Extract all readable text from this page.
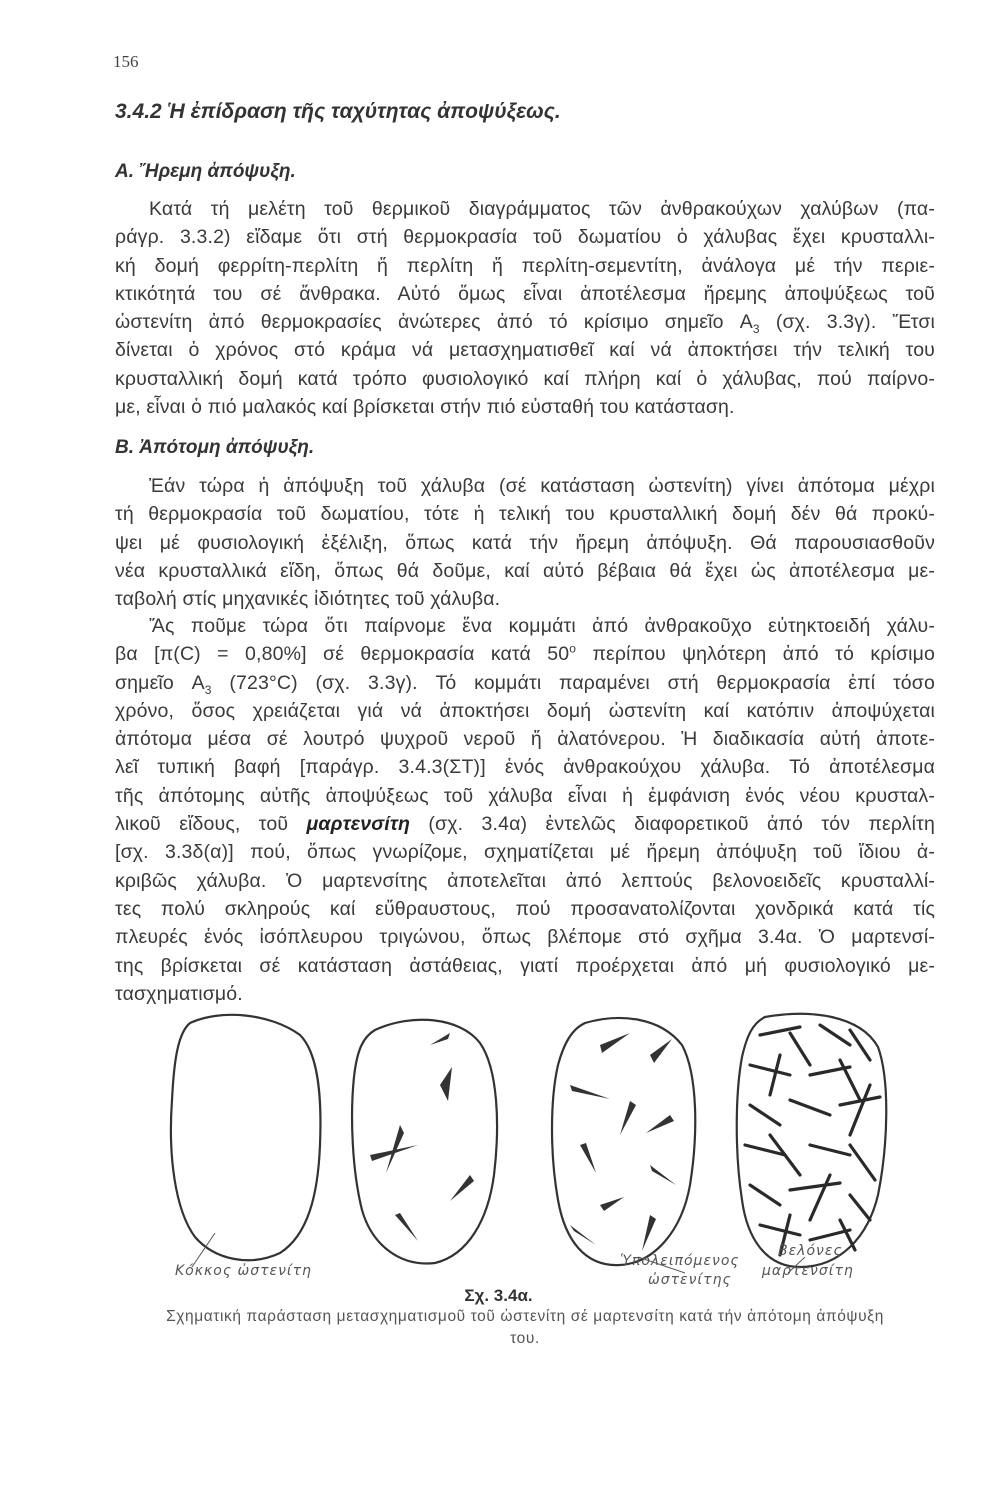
156
3.4.2 Ἡ ἐπίδραση τῆς ταχύτητας ἀποψύξεως.
Α. Ἤρεμη ἀπόψυξη.
Κατά τή μελέτη τοῦ θερμικοῦ διαγράμματος τῶν ἀνθρακούχων χαλύβων (πα-
ράγρ. 3.3.2) εἴδαμε ὅτι στή θερμοκρασία τοῦ δωματίου ὁ χάλυβας ἔχει κρυσταλλι-
κή δομή φερρίτη-περλίτη ἤ περλίτη ἤ περλίτη-σεμεντίτη, ἀνάλογα μέ τήν περιε-
κτικότητά του σέ ἄνθρακα. Αὐτό ὅμως εἶναι ἀποτέλεσμα ἤρεμης ἀποψύξεως τοῦ
ὠστενίτη ἀπό θερμοκρασίες ἀνώτερες ἀπό τό κρίσιμο σημεῖο $A_3$ (σχ. 3.3γ). Ἔτσι
δίνεται ὁ χρόνος στό κράμα νά μετασχηματισθεῖ καί νά ἀποκτήσει τήν τελική του
κρυσταλλική δομή κατά τρόπο φυσιολογικό καί πλήρη καί ὁ χάλυβας, πού παίρνο-
με, εἶναι ὁ πιό μαλακός καί βρίσκεται στήν πιό εὐσταθή του κατάσταση.
Β. Ἀπότομη ἀπόψυξη.
Ἐάν τώρα ἡ ἀπόψυξη τοῦ χάλυβα (σέ κατάσταση ὠστενίτη) γίνει ἀπότομα μέχρι
τή θερμοκρασία τοῦ δωματίου, τότε ἡ τελική του κρυσταλλική δομή δέν θά προκύ-
ψει μέ φυσιολογική ἐξέλιξη, ὅπως κατά τήν ἤρεμη ἀπόψυξη. Θά παρουσιασθοῦν
νέα κρυσταλλικά εἴδη, ὅπως θά δοῦμε, καί αὐτό βέβαια θά ἔχει ὡς ἀποτέλεσμα με-
ταβολή στίς μηχανικές ἰδιότητες τοῦ χάλυβα.
Ἄς ποῦμε τώρα ὅτι παίρνομε ἕνα κομμάτι ἀπό ἀνθρακοῦχο εὐτηκτοειδή χάλυ-
βα [π(C) = 0,80%] σέ θερμοκρασία κατά 50$^o$ περίπου ψηλότερη ἀπό τό κρίσιμο
σημεῖο $A_3$ (723°C) (σχ. 3.3γ). Τό κομμάτι παραμένει στή θερμοκρασία ἐπί τόσο
χρόνο, ὅσος χρειάζεται γιά νά ἀποκτήσει δομή ὠστενίτη καί κατόπιν ἀποψύχεται
ἀπότομα μέσα σέ λουτρό ψυχροῦ νεροῦ ἤ ἁλατόνερου. Ἡ διαδικασία αὐτή ἀποτε-
λεῖ τυπική βαφή [παράγρ. 3.4.3(ΣΤ)] ἑνός ἀνθρακούχου χάλυβα. Τό ἀποτέλεσμα
τῆς ἀπότομης αὐτῆς ἀποψύξεως τοῦ χάλυβα εἶναι ἡ ἐμφάνιση ἑνός νέου κρυσταλ-
λικοῦ εἴδους, τοῦ μαρτενσίτη (σχ. 3.4α) ἐντελῶς διαφορετικοῦ ἀπό τόν περλίτη
[σχ. 3.3δ(α)] πού, ὅπως γνωρίζομε, σχηματίζεται μέ ἤρεμη ἀπόψυξη τοῦ ἴδιου ἀ-
κριβῶς χάλυβα. Ὁ μαρτενσίτης ἀποτελεῖται ἀπό λεπτούς βελονοειδεῖς κρυσταλλί-
τες πολύ σκληρούς καί εὔθραυστους, πού προσανατολίζονται χονδρικά κατά τίς
πλευρές ἑνός ἰσόπλευρου τριγώνου, ὅπως βλέπομε στό σχῆμα 3.4α. Ὁ μαρτενσί-
της βρίσκεται σέ κατάσταση ἀστάθειας, γιατί προέρχεται ἀπό μή φυσιολογικό με-
τασχηματισμό.
Κόκκος ὠστενίτη
Ὑπολειπόμενος
ὠστενίτης
Βελόνες
μαρτενσίτη
Σχ. 3.4α.
Σχηματική παράσταση μετασχηματισμοῦ τοῦ ὠστενίτη σέ μαρτενσίτη κατά τήν ἀπότομη ἀπόψυξη
του.
